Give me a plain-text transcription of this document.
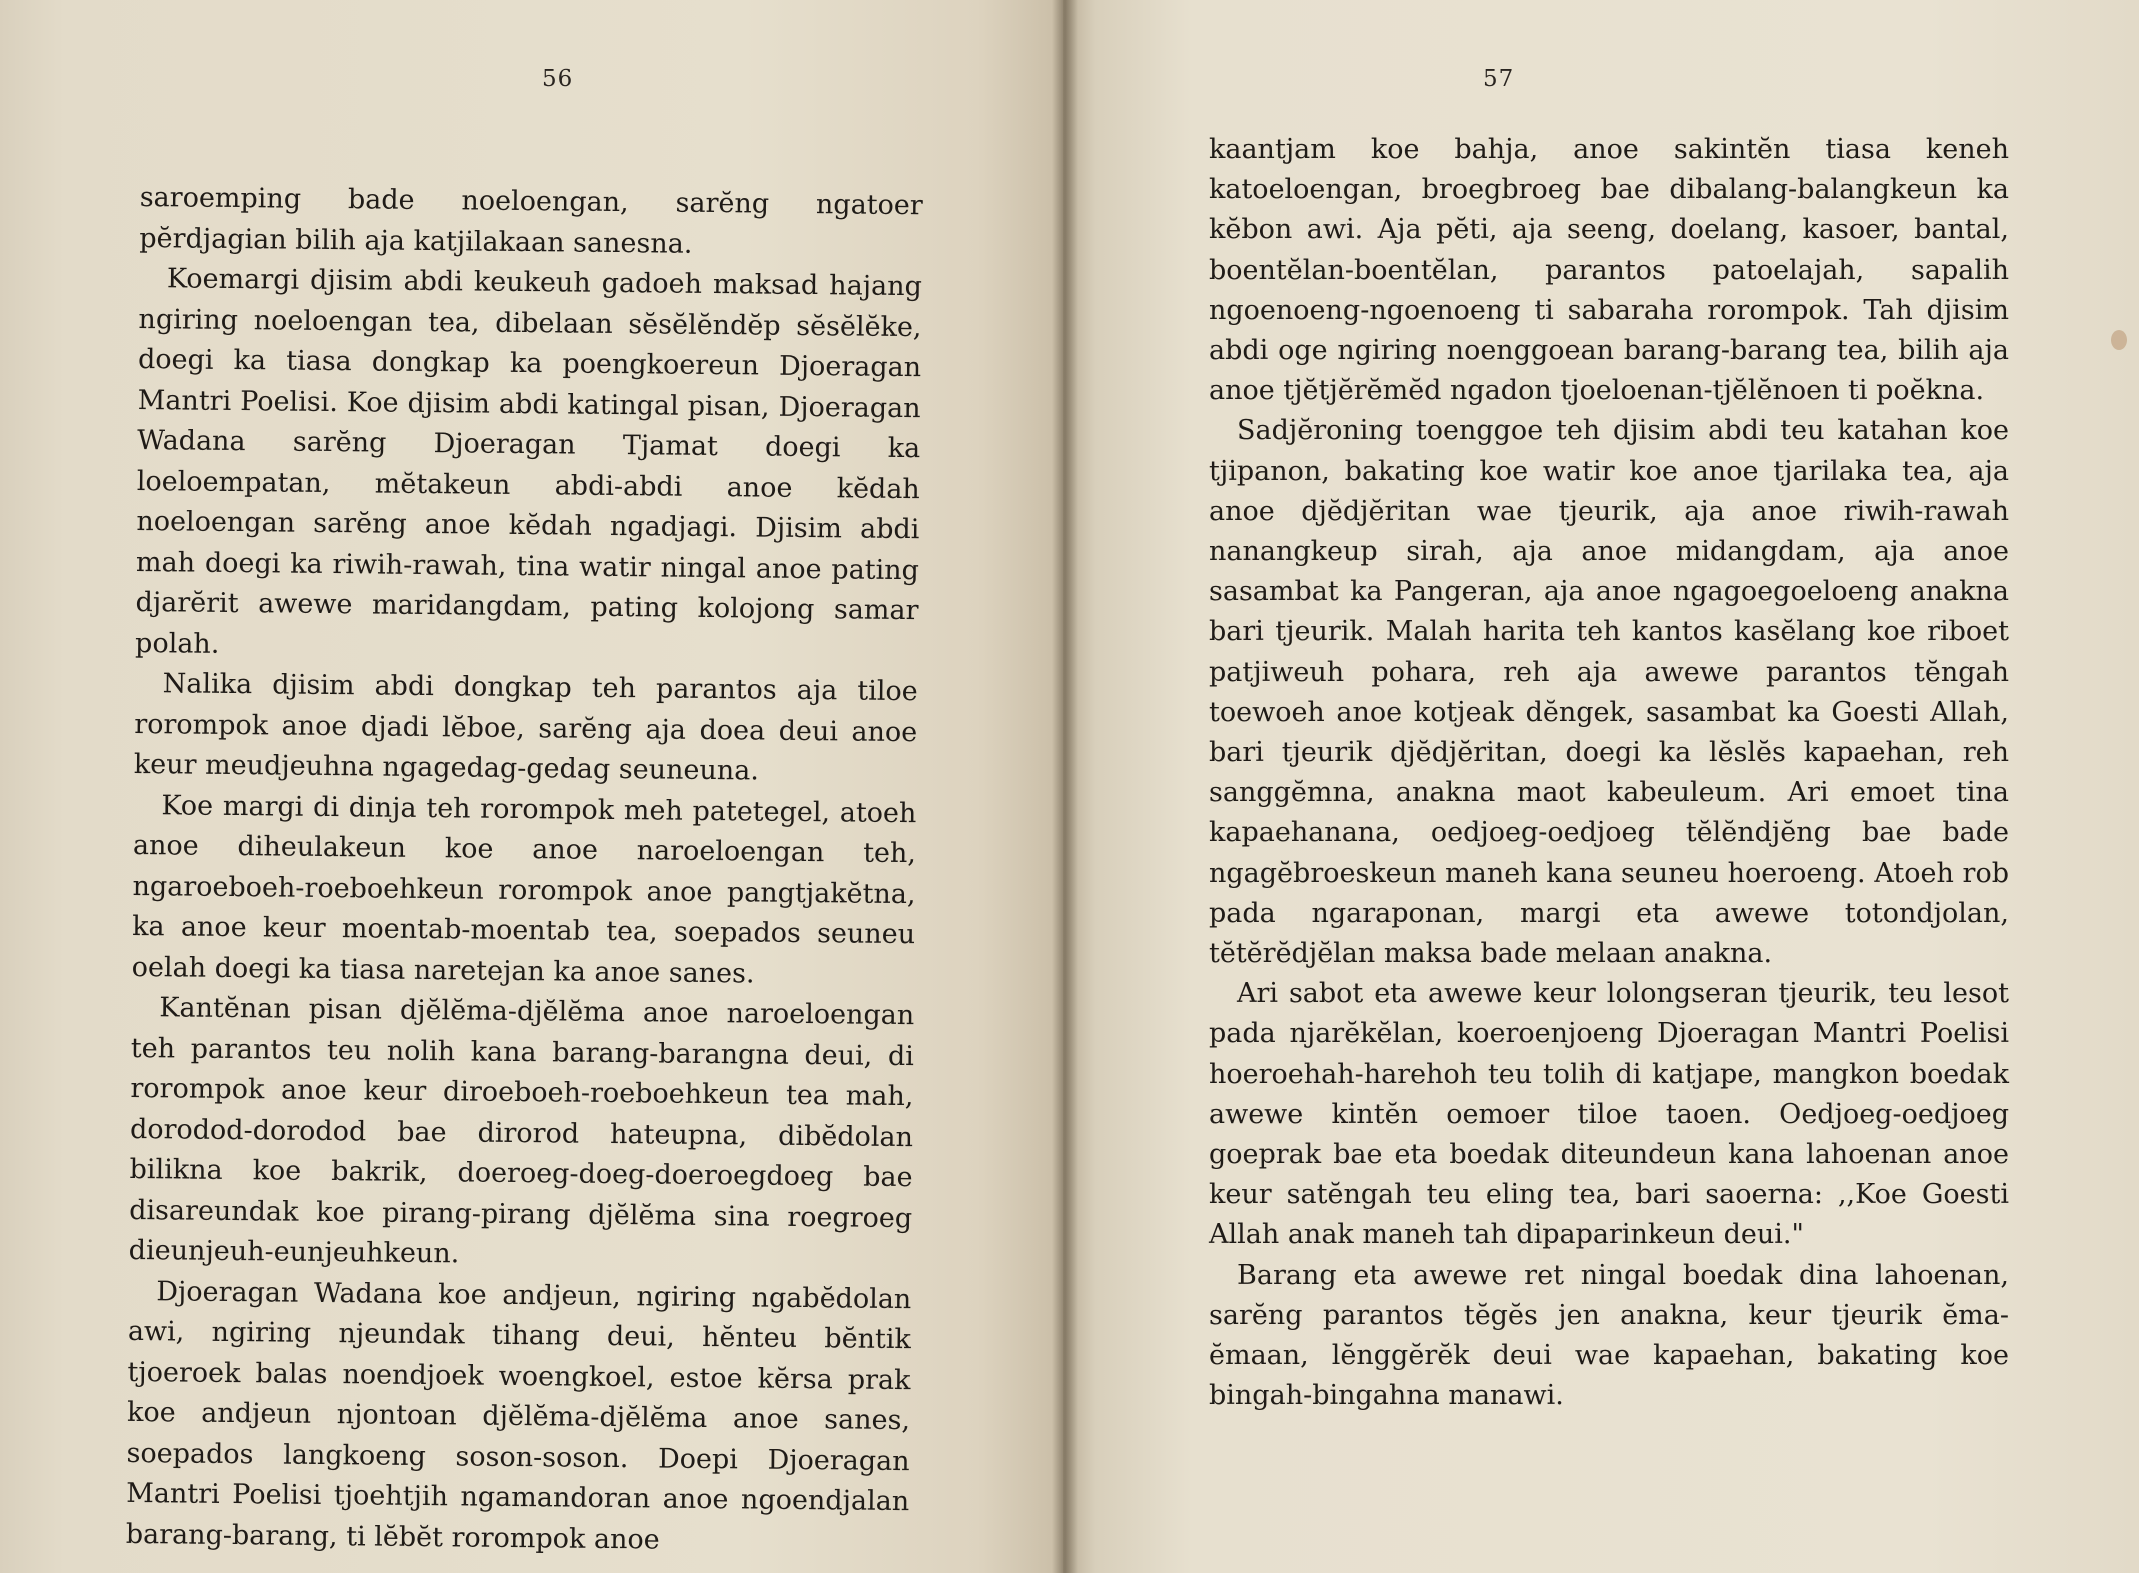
56

saroemping bade noeloengan, sarĕng ngatoer pĕrdjagian bilih aja katjilakaan sanesna.

Koemargi djisim abdi keukeuh gadoeh maksad hajang ngiring noeloengan tea, dibelaan sĕsĕlĕndĕp sĕsĕlĕke, doegi ka tiasa dongkap ka poengkoereun Djoeragan Mantri Poelisi. Koe djisim abdi katingal pisan, Djoeragan Wadana sarĕng Djoeragan Tjamat doegi ka loeloempatan, mĕtakeun abdi-abdi anoe kĕdah noeloengan sarĕng anoe kĕdah ngadjagi. Djisim abdi mah doegi ka riwih-rawah, tina watir ningal anoe pating djarĕrit awewe maridangdam, pating kolojong samar polah.

Nalika djisim abdi dongkap teh parantos aja tiloe rorompok anoe djadi lĕboe, sarĕng aja doea deui anoe keur meudjeuhna ngagedag-gedag seuneuna.

Koe margi di dinja teh rorompok meh patetegel, atoeh anoe diheulakeun koe anoe naroeloengan teh, ngaroeboeh-roeboehkeun rorompok anoe pangtjakĕtna, ka anoe keur moentab-moentab tea, soepados seuneu oelah doegi ka tiasa naretejan ka anoe sanes.

Kantĕnan pisan djĕlĕma-djĕlĕma anoe naroeloengan teh parantos teu nolih kana barang-barangna deui, di rorompok anoe keur diroeboeh-roeboehkeun tea mah, dorodod-dorodod bae dirorod hateupna, dibĕdolan bilikna koe bakrik, doeroeg-doeg-doeroegdoeg bae disareundak koe pirang-pirang djĕlĕma sina roegroeg dieunjeuh-eunjeuhkeun.

Djoeragan Wadana koe andjeun, ngiring ngabĕdolan awi, ngiring njeundak tihang deui, hĕnteu bĕntik tjoeroek balas noendjoek woengkoel, estoe kĕrsa prak koe andjeun njontoan djĕlĕma-djĕlĕma anoe sanes, soepados langkoeng soson-soson. Doepi Djoeragan Mantri Poelisi tjoehtjih ngamandoran anoe ngoendjalan barang-barang, ti lĕbĕt rorompok anoe

57

kaantjam koe bahja, anoe sakintĕn tiasa keneh katoeloengan, broegbroeg bae dibalang-balangkeun ka kĕbon awi. Aja pĕti, aja seeng, doelang, kasoer, bantal, boentĕlan-boentĕlan, parantos patoelajah, sapalih ngoenoeng-ngoenoeng ti sabaraha rorompok. Tah djisim abdi oge ngiring noenggoean barang-barang tea, bilih aja anoe tjĕtjĕrĕmĕd ngadon tjoeloenan-tjĕlĕnoen ti poĕkna.

Sadjĕroning toenggoe teh djisim abdi teu katahan koe tjipanon, bakating koe watir koe anoe tjarilaka tea, aja anoe djĕdjĕritan wae tjeurik, aja anoe riwih-rawah nanangkeup sirah, aja anoe midangdam, aja anoe sasambat ka Pangeran, aja anoe ngagoegoeloeng anakna bari tjeurik. Malah harita teh kantos kasĕlang koe riboet patjiweuh pohara, reh aja awewe parantos tĕngah toewoeh anoe kotjeak dĕngek, sasambat ka Goesti Allah, bari tjeurik djĕdjĕritan, doegi ka lĕslĕs kapaehan, reh sanggĕmna, anakna maot kabeuleum. Ari emoet tina kapaehanana, oedjoeg-oedjoeg tĕlĕndjĕng bae bade ngagĕbroeskeun maneh kana seuneu hoeroeng. Atoeh rob pada ngaraponan, margi eta awewe totondjolan, tĕtĕrĕdjĕlan maksa bade melaan anakna.

Ari sabot eta awewe keur lolongseran tjeurik, teu lesot pada njarĕkĕlan, koeroenjoeng Djoeragan Mantri Poelisi hoeroehah-harehoh teu tolih di katjape, mangkon boedak awewe kintĕn oemoer tiloe taoen. Oedjoeg-oedjoeg goeprak bae eta boedak diteundeun kana lahoenan anoe keur satĕngah teu eling tea, bari saoerna: ,,Koe Goesti Allah anak maneh tah dipaparinkeun deui."

Barang eta awewe ret ningal boedak dina lahoenan, sarĕng parantos tĕgĕs jen anakna, keur tjeurik ĕma-ĕmaan, lĕnggĕrĕk deui wae kapaehan, bakating koe bingah-bingahna manawi.
